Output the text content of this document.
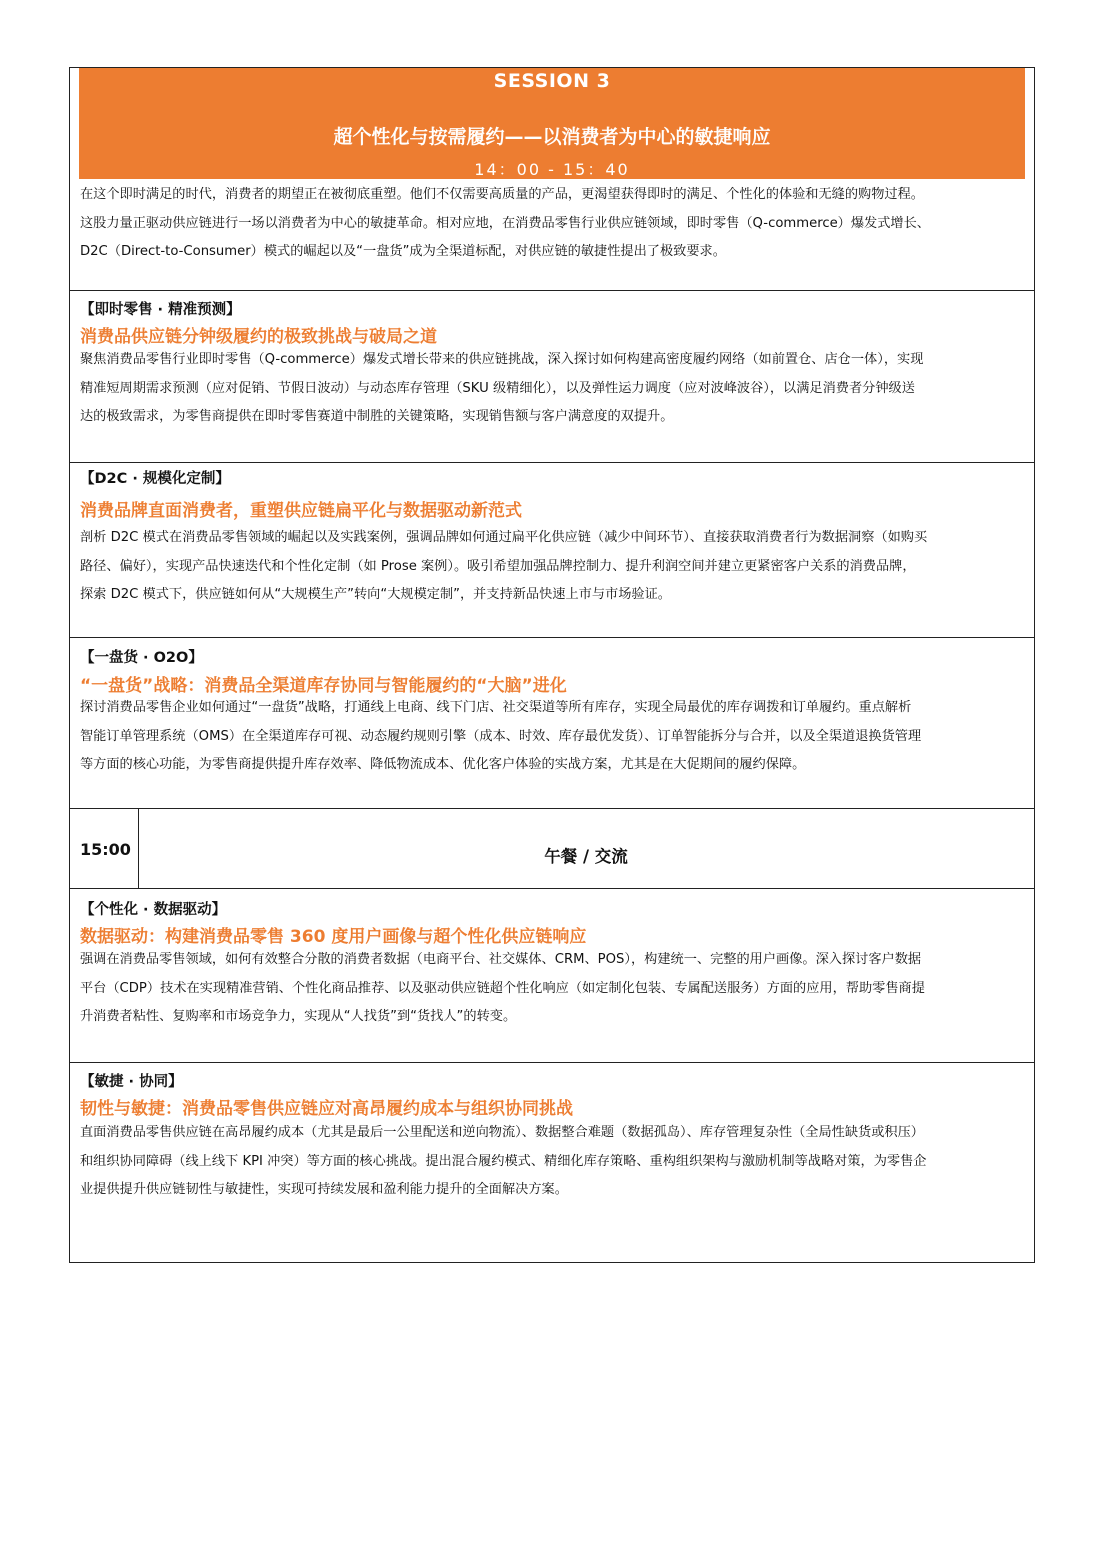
SESSION 3
超个性化与按需履约——以消费者为中心的敏捷响应
14：00 - 15：40
在这个即时满足的时代，消费者的期望正在被彻底重塑。他们不仅需要高质量的产品，更渴望获得即时的满足、个性化的体验和无缝的购物过程。
这股力量正驱动供应链进行一场以消费者为中心的敏捷革命。相对应地，在消费品零售行业供应链领域，即时零售（Q-commerce）爆发式增长、
D2C（Direct-to-Consumer）模式的崛起以及“一盘货”成为全渠道标配，对供应链的敏捷性提出了极致要求。
【即时零售 · 精准预测】
消费品供应链分钟级履约的极致挑战与破局之道
聚焦消费品零售行业即时零售（Q-commerce）爆发式增长带来的供应链挑战，深入探讨如何构建高密度履约网络（如前置仓、店仓一体），实现
精准短周期需求预测（应对促销、节假日波动）与动态库存管理（SKU 级精细化），以及弹性运力调度（应对波峰波谷），以满足消费者分钟级送
达的极致需求，为零售商提供在即时零售赛道中制胜的关键策略，实现销售额与客户满意度的双提升。
【D2C · 规模化定制】
消费品牌直面消费者，重塑供应链扁平化与数据驱动新范式
剖析 D2C 模式在消费品零售领域的崛起以及实践案例，强调品牌如何通过扁平化供应链（减少中间环节）、直接获取消费者行为数据洞察（如购买
路径、偏好），实现产品快速迭代和个性化定制（如 Prose 案例）。吸引希望加强品牌控制力、提升利润空间并建立更紧密客户关系的消费品牌，
探索 D2C 模式下，供应链如何从“大规模生产”转向“大规模定制”，并支持新品快速上市与市场验证。
【一盘货 · O2O】
“一盘货”战略：消费品全渠道库存协同与智能履约的“大脑”进化
探讨消费品零售企业如何通过“一盘货”战略，打通线上电商、线下门店、社交渠道等所有库存，实现全局最优的库存调拨和订单履约。重点解析
智能订单管理系统（OMS）在全渠道库存可视、动态履约规则引擎（成本、时效、库存最优发货）、订单智能拆分与合并，以及全渠道退换货管理
等方面的核心功能，为零售商提供提升库存效率、降低物流成本、优化客户体验的实战方案，尤其是在大促期间的履约保障。
15:00	午餐 / 交流
【个性化 · 数据驱动】
数据驱动：构建消费品零售 360 度用户画像与超个性化供应链响应
强调在消费品零售领域，如何有效整合分散的消费者数据（电商平台、社交媒体、CRM、POS），构建统一、完整的用户画像。深入探讨客户数据
平台（CDP）技术在实现精准营销、个性化商品推荐、以及驱动供应链超个性化响应（如定制化包装、专属配送服务）方面的应用，帮助零售商提
升消费者粘性、复购率和市场竞争力，实现从“人找货”到“货找人”的转变。
【敏捷 · 协同】
韧性与敏捷：消费品零售供应链应对高昂履约成本与组织协同挑战
直面消费品零售供应链在高昂履约成本（尤其是最后一公里配送和逆向物流）、数据整合难题（数据孤岛）、库存管理复杂性（全局性缺货或积压）
和组织协同障碍（线上线下 KPI 冲突）等方面的核心挑战。提出混合履约模式、精细化库存策略、重构组织架构与激励机制等战略对策，为零售企
业提供提升供应链韧性与敏捷性，实现可持续发展和盈利能力提升的全面解决方案。
